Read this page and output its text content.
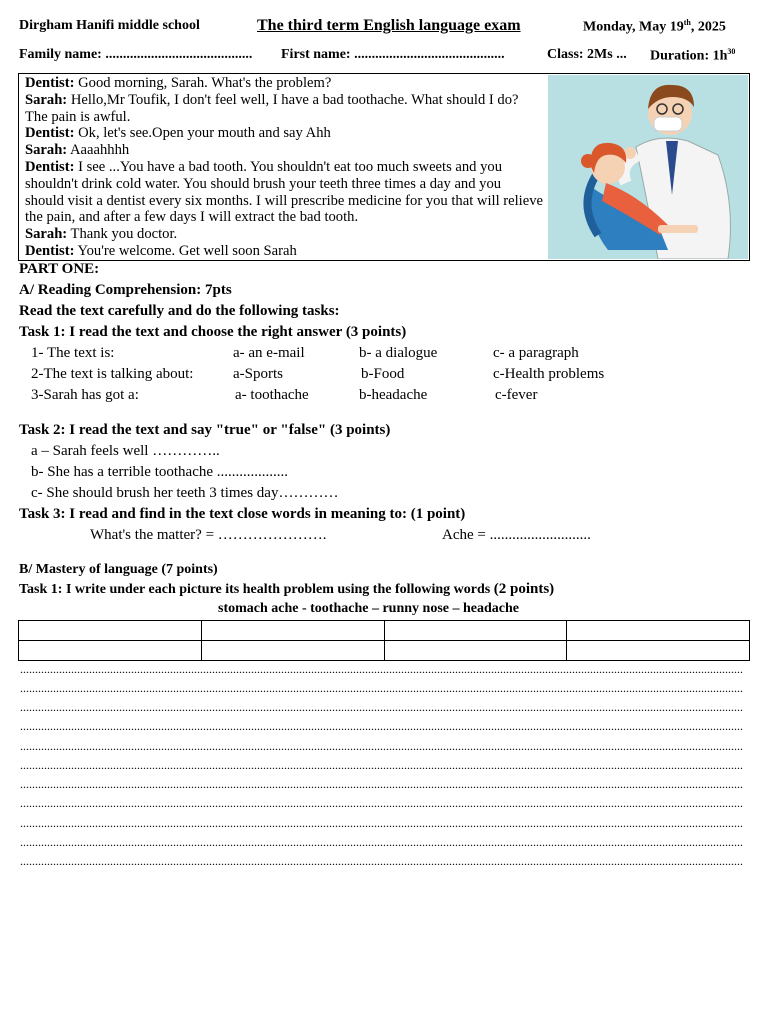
Dirgham Hanifi middle school	The third term English language exam	Monday, May 19th, 2025
Family name: .......................................... First name: ...........................................	Class: 2Ms ... Duration: $1h^{30}$

Dentist: Good morning, Sarah. What's the problem?

Sarah: Hello,Mr Toufik, I don't feel well, I have a bad toothache. What should I do? The pain is awful.

Dentist: Ok, let's see.Open your mouth and say Ahh

Sarah: Aaaahhhh

Dentist: I see ...You have a bad tooth. You shouldn't eat too much sweets and you shouldn't drink cold water. You should brush your teeth three times a day and you should visit a dentist every six months. I will prescribe medicine for you that will relieve the pain, and after a few days I will extract the bad tooth.

Sarah: Thank you doctor.

Dentist: You're welcome. Get well soon Sarah

PART ONE:
A/ Reading Comprehension: 7pts
Read the text carefully and do the following tasks:
Task 1: I read the text and choose the right answer (3 points)
1- The text is:	a- an e-mail	b- a dialogue	c- a paragraph
2-The text is talking about:	a-Sports	b-Food	c-Health problems
3-Sarah has got a:	a- toothache	b-headache	c-fever
Task 2: I read the text and say "true" or "false" (3 points)
a – Sarah feels well …………..
b- She has a terrible toothache ...................
c- She should brush her teeth 3 times day…………
Task 3: I read and find in the text close words in meaning to: (1 point)
What's the matter? = ………………….	Ache = ...........................
B/ Mastery of language (7 points)
Task 1: I write under each picture its health problem using the following words (2 points)
stomach ache - toothache – runny nose – headache

.................................................................................................................................................................................................................................................
.................................................................................................................................................................................................................................................
.................................................................................................................................................................................................................................................
.................................................................................................................................................................................................................................................
.................................................................................................................................................................................................................................................
.................................................................................................................................................................................................................................................
.................................................................................................................................................................................................................................................
.................................................................................................................................................................................................................................................
.................................................................................................................................................................................................................................................
.................................................................................................................................................................................................................................................
.................................................................................................................................................................................................................................................
